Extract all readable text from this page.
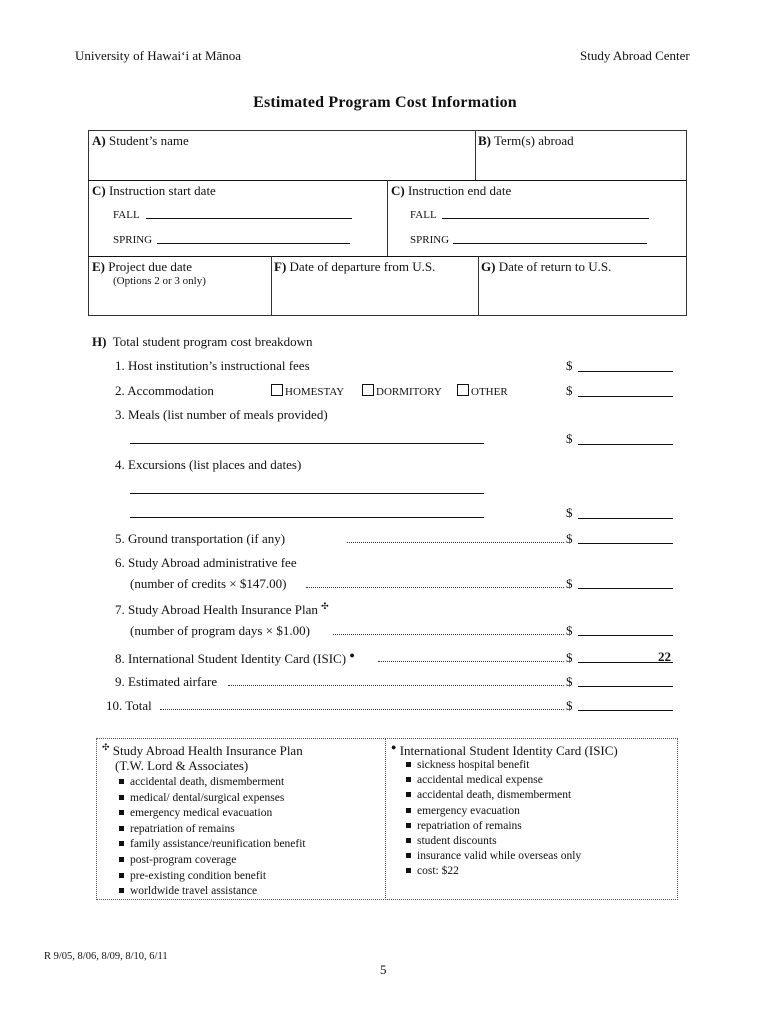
University of Hawaiʻi at Mānoa	Study Abroad Center
Estimated Program Cost Information
A) Student’s name	B) Term(s) abroad
C) Instruction start date
FALL
SPRING
C) Instruction end date
FALL
SPRING
E) Project due date
(Options 2 or 3 only)
F) Date of departure from U.S.	G) Date of return to U.S.
H) Total student program cost breakdown
1. Host institution’s instructional fees	$
2. Accommodation	HOMESTAY	DORMITORY	OTHER	$
3. Meals (list number of meals provided)
$
4. Excursions (list places and dates)
$
5. Ground transportation (if any)	$
6. Study Abroad administrative fee
(number of credits × $147.00)	$
7. Study Abroad Health Insurance Plan ✣
(number of program days × $1.00)	$
8. International Student Identity Card (ISIC) ●	$	22
9. Estimated airfare	$
10. Total	$
✣ Study Abroad Health Insurance Plan
(T.W. Lord & Associates)
accidental death, dismemberment
medical/ dental/surgical expenses
emergency medical evacuation
repatriation of remains
family assistance/reunification benefit
post-program coverage
pre-existing condition benefit
worldwide travel assistance
● International Student Identity Card (ISIC)
sickness hospital benefit
accidental medical expense
accidental death, dismemberment
emergency evacuation
repatriation of remains
student discounts
insurance valid while overseas only
cost: $22
R 9/05, 8/06, 8/09, 8/10, 6/11
5
